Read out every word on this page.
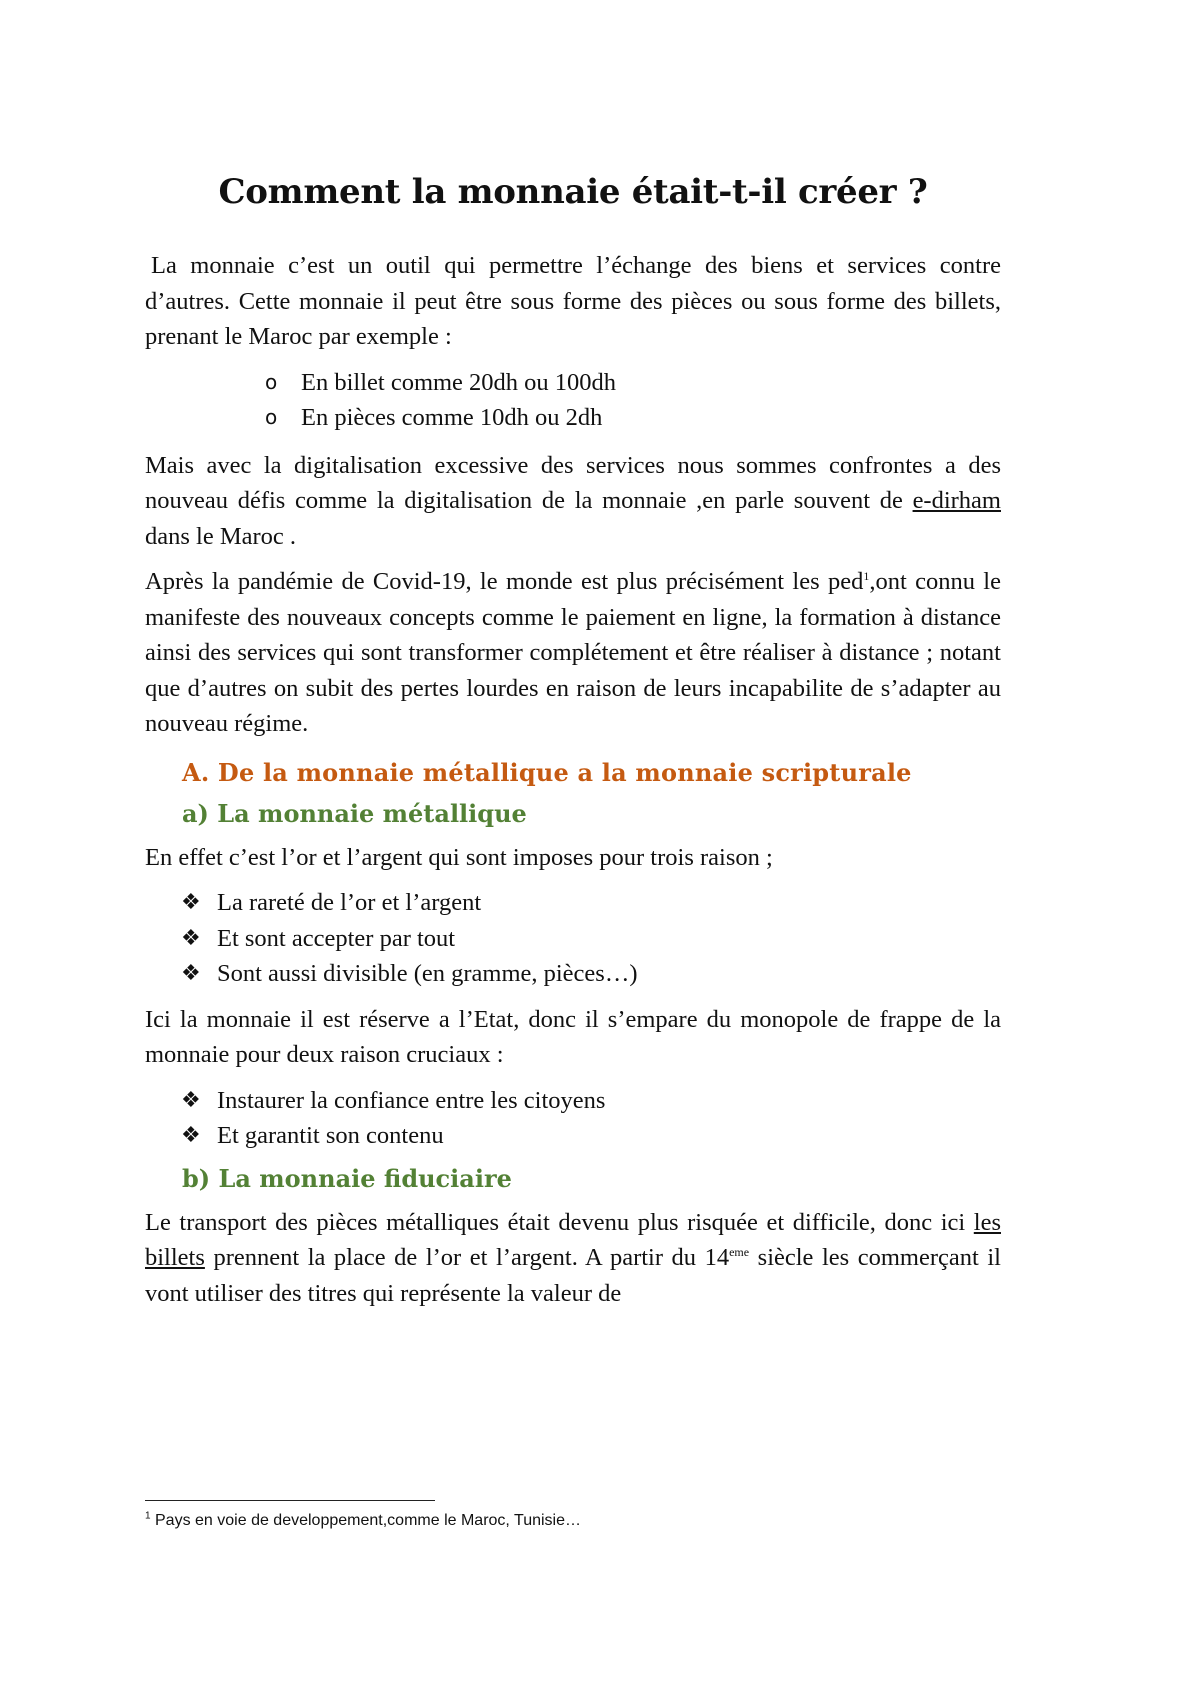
Comment la monnaie était-t-il créer ?

La monnaie c’est un outil qui permettre l’échange des biens et services contre d’autres. Cette monnaie il peut être sous forme des pièces ou sous forme des billets, prenant le Maroc par exemple :

o En billet comme 20dh ou 100dh
o En pièces comme 10dh ou 2dh

Mais avec la digitalisation excessive des services nous sommes confrontes a des nouveau défis comme la digitalisation de la monnaie ,en parle souvent de e-dirham dans le Maroc .

Après la pandémie de Covid-19, le monde est plus précisément les ped$^1$,ont connu le manifeste des nouveaux concepts comme le paiement en ligne, la formation à distance ainsi des services qui sont transformer complétement et être réaliser à distance ; notant que d’autres on subit des pertes lourdes en raison de leurs incapabilite de s’adapter au nouveau régime.

A. De la monnaie métallique a la monnaie scripturale
a) La monnaie métallique

En effet c’est l’or et l’argent qui sont imposes pour trois raison ;

❖ La rareté de l’or et l’argent
❖ Et sont accepter par tout
❖ Sont aussi divisible (en gramme, pièces…)

Ici la monnaie il est réserve a l’Etat, donc il s’empare du monopole de frappe de la monnaie pour deux raison cruciaux :

❖ Instaurer la confiance entre les citoyens
❖ Et garantit son contenu
b) La monnaie fiduciaire

Le transport des pièces métalliques était devenu plus risquée et difficile, donc ici les billets prennent la place de l’or et l’argent. A partir du 14eme siècle les commerçant il vont utiliser des titres qui représente la valeur de

$^1$ Pays en voie de developpement,comme le Maroc, Tunisie…
